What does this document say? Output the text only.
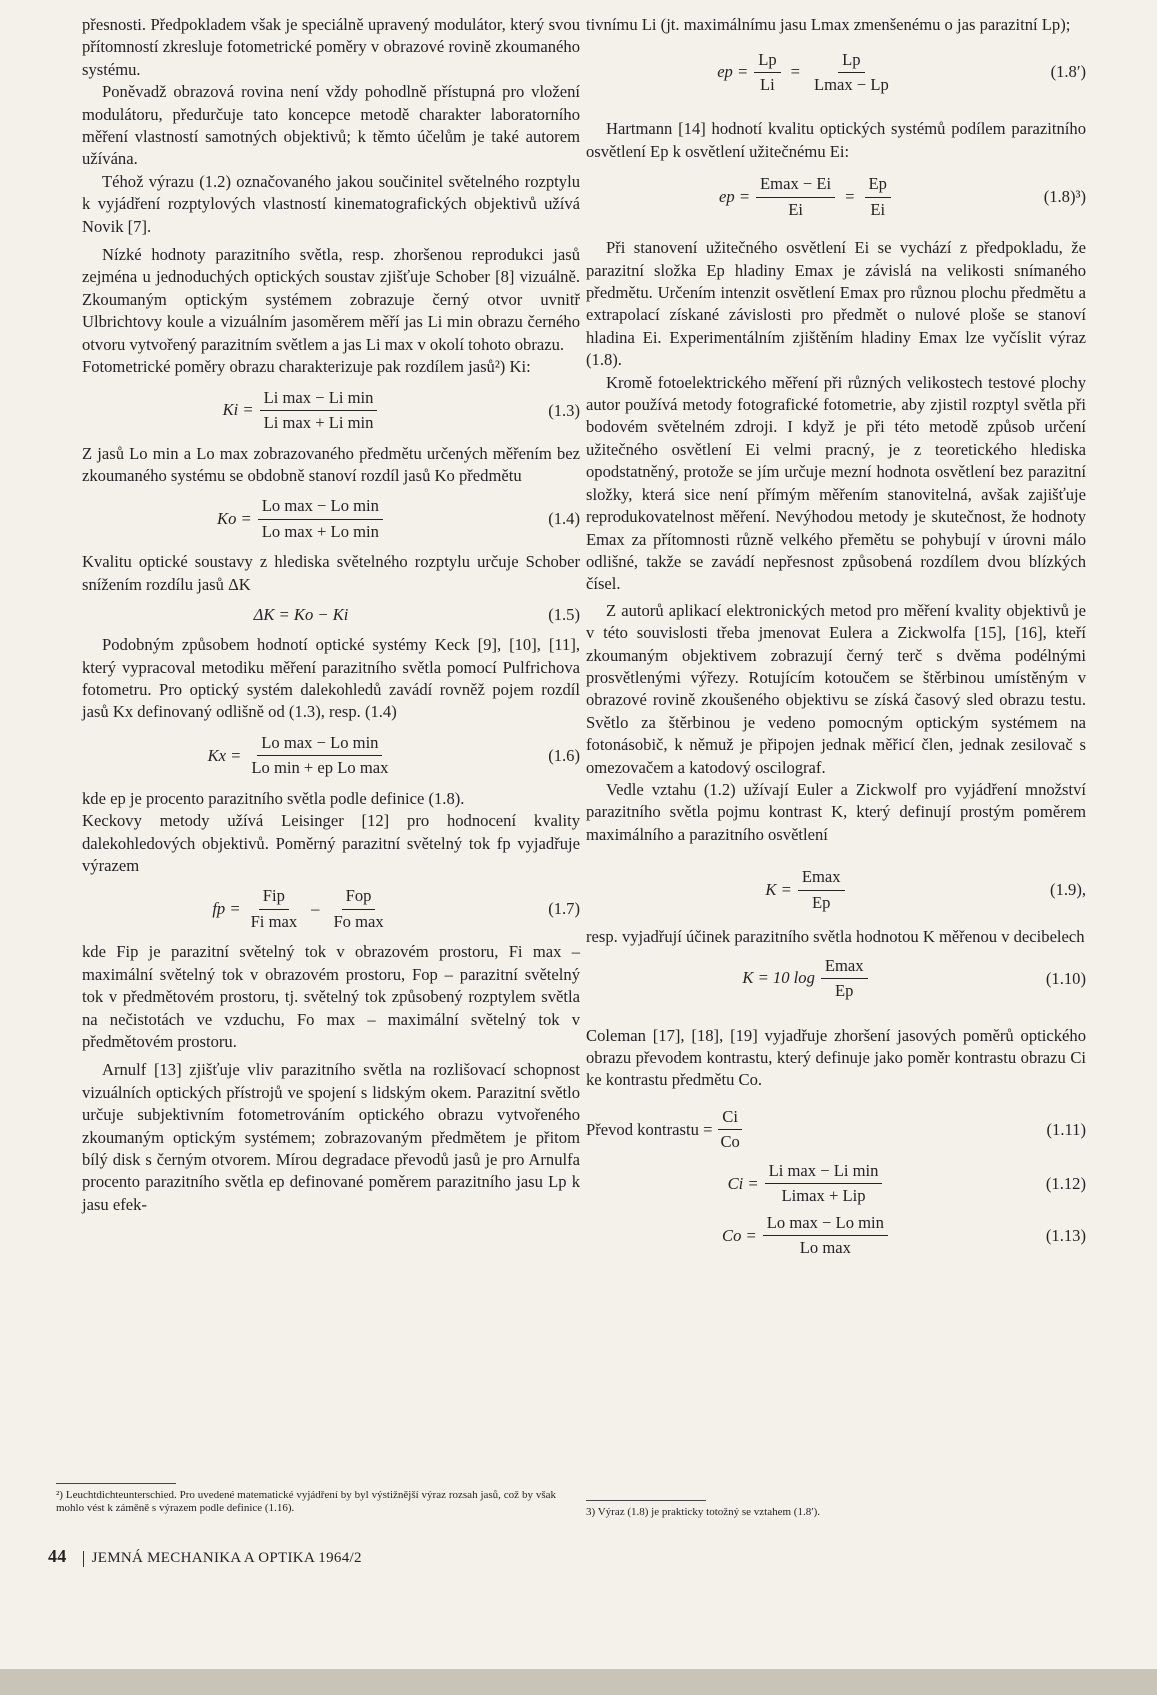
přesnosti. Předpokladem však je speciálně upravený modulátor, který svou přítomností zkresluje fotometrické poměry v obrazové rovině zkoumaného systému.

Poněvadž obrazová rovina není vždy pohodlně přístupná pro vložení modulátoru, předurčuje tato koncepce metodě charakter laboratorního měření vlastností samotných objektivů; k těmto účelům je také autorem užívána.

Téhož výrazu (1.2) označovaného jakou součinitel světelného rozptylu k vyjádření rozptylových vlastností kinematografických objektivů užívá Novik [7].

Nízké hodnoty parazitního světla, resp. zhoršenou reprodukci jasů zejména u jednoduchých optických soustav zjišťuje Schober [8] vizuálně. Zkoumaným optickým systémem zobrazuje černý otvor uvnitř Ulbrichtovy koule a vizuálním jasoměrem měří jas Li min obrazu černého otvoru vytvořený parazitním světlem a jas Li max v okolí tohoto obrazu.

Fotometrické poměry obrazu charakterizuje pak rozdílem jasů²) Ki:

$Ki = \frac{\text{Li max − Li min}}{\text{Li max + Li min}}$	(1.3)

Z jasů Lo min a Lo max zobrazovaného předmětu určených měřením bez zkoumaného systému se obdobně stanoví rozdíl jasů Ko předmětu

$Ko = \frac{\text{Lo max − Lo min}}{\text{Lo max + Lo min}}$	(1.4)

Kvalitu optické soustavy z hlediska světelného rozptylu určuje Schober snížením rozdílu jasů ΔK

ΔK = Ko − Ki	(1.5)

Podobným způsobem hodnotí optické systémy Keck [9], [10], [11], který vypracoval metodiku měření parazitního světla pomocí Pulfrichova fotometru. Pro optický systém dalekohledů zavádí rovněž pojem rozdíl jasů Kx definovaný odlišně od (1.3), resp. (1.4)

$Kx = \frac{\text{Lo max − Lo min}}{\text{Lo min + ep Lo max}}$	(1.6)

kde ep je procento parazitního světla podle definice (1.8).

Keckovy metody užívá Leisinger [12] pro hodnocení kvality dalekohledových objektivů. Poměrný parazitní světelný tok fp vyjadřuje výrazem

fp = $\frac{\text{Fip}}{\text{Fi max}} - \frac{\text{Fop}}{\text{Fo max}}$	(1.7)

kde Fip je parazitní světelný tok v obrazovém prostoru, Fi max – maximální světelný tok v obrazovém prostoru, Fop – parazitní světelný tok v předmětovém prostoru, tj. světelný tok způsobený rozptylem světla na nečistotách ve vzduchu, Fo max – maximální světelný tok v předmětovém prostoru.

Arnulf [13] zjišťuje vliv parazitního světla na rozlišovací schopnost vizuálních optických přístrojů ve spojení s lidským okem. Parazitní světlo určuje subjektivním fotometrováním optického obrazu vytvořeného zkoumaným optickým systémem; zobrazovaným předmětem je přitom bílý disk s černým otvorem. Mírou degradace převodů jasů je pro Arnulfa procento parazitního světla ep definované poměrem parazitního jasu Lp k jasu efek-

²) Leuchtdichteunterschied. Pro uvedené matematické vyjádření by byl výstižnější výraz rozsah jasů, což by však mohlo vést k záměně s výrazem podle definice (1.16).

tivnímu Li (jt. maximálnímu jasu Lmax zmenšenému o jas parazitní Lp);

ep = $\frac{Lp}{Li} = \frac{Lp}{Lmax - Lp}$	(1.8′)

Hartmann [14] hodnotí kvalitu optických systémů podílem parazitního osvětlení Ep k osvětlení užitečnému Ei:

ep = $\frac{Emax - Ei}{Ei} = \frac{Ep}{Ei}$	(1.8)³)

Při stanovení užitečného osvětlení Ei se vychází z předpokladu, že parazitní složka Ep hladiny Emax je závislá na velikosti snímaného předmětu. Určením intenzit osvětlení Emax pro různou plochu předmětu a extrapolací získané závislosti pro předmět o nulové ploše se stanoví hladina Ei. Experimentálním zjištěním hladiny Emax lze vyčíslit výraz (1.8).

Kromě fotoelektrického měření při různých velikostech testové plochy autor používá metody fotografické fotometrie, aby zjistil rozptyl světla při bodovém světelném zdroji. I když je při této metodě způsob určení užitečného osvětlení Ei velmi pracný, je z teoretického hlediska opodstatněný, protože se jím určuje mezní hodnota osvětlení bez parazitní složky, která sice není přímým měřením stanovitelná, avšak zajišťuje reprodukovatelnost měření. Nevýhodou metody je skutečnost, že hodnoty Emax za přítomnosti různě velkého přemětu se pohybují v úrovni málo odlišné, takže se zavádí nepřesnost způsobená rozdílem dvou blízkých čísel.

Z autorů aplikací elektronických metod pro měření kvality objektivů je v této souvislosti třeba jmenovat Eulera a Zickwolfa [15], [16], kteří zkoumaným objektivem zobrazují černý terč s dvěma podélnými prosvětlenými výřezy. Rotujícím kotoučem se štěrbinou umístěným v obrazové rovině zkoušeného objektivu se získá časový sled obrazu testu. Světlo za štěrbinou je vedeno pomocným optickým systémem na fotonásobič, k němuž je připojen jednak měřicí člen, jednak zesilovač s omezovačem a katodový oscilograf.

Vedle vztahu (1.2) užívají Euler a Zickwolf pro vyjádření množství parazitního světla pojmu kontrast K, který definují prostým poměrem maximálního a parazitního osvětlení

$K = \frac{Emax}{Ep}$	(1.9),

resp. vyjadřují účinek parazitního světla hodnotou K měřenou v decibelech

K = 10 $\log \frac{Emax}{Ep}$	(1.10)

Coleman [17], [18], [19] vyjadřuje zhoršení jasových poměrů optického obrazu převodem kontrastu, který definuje jako poměr kontrastu obrazu Ci ke kontrastu předmětu Co.

Převod kontrastu = $\frac{Ci}{Co}$	(1.11)
$Ci = \frac{\text{Li max − Li min}}{\text{Limax + Lip}}$	(1.12)
$Co = \frac{\text{Lo max − Lo min}}{\text{Lo max}}$	(1.13)

3) Výraz (1.8) je prakticky totožný se vztahem (1.8′).

44 JEMNÁ MECHANIKA A OPTIKA 1964/2
